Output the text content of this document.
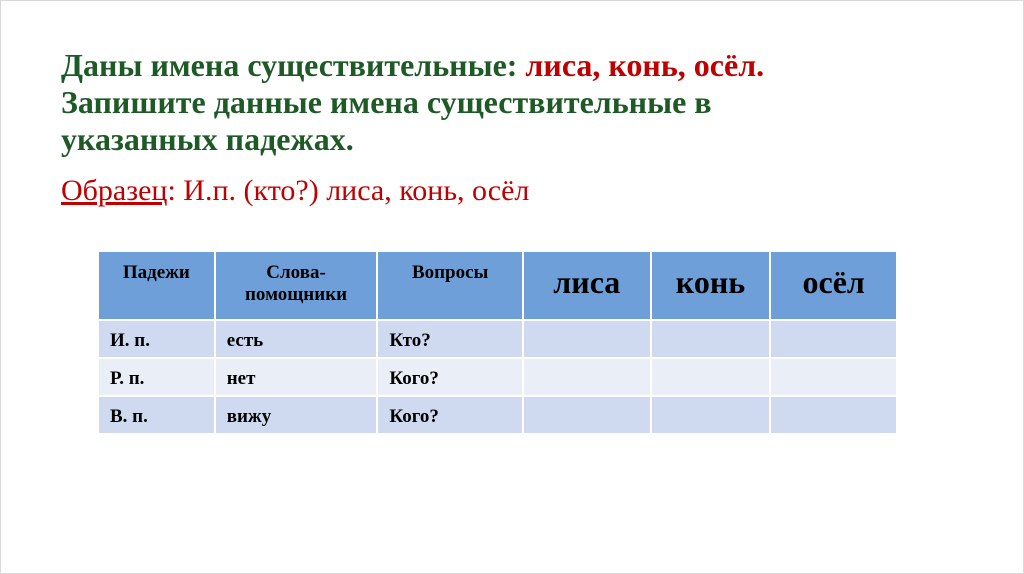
Даны имена существительные: лиса, конь, осёл.
Запишите данные имена существительные в
указанных падежах.
Образец: И.п. (кто?) лиса, конь, осёл
Падежи	Слова-помощники	Вопросы	лиса	конь	осёл
И. п.	есть	Кто?			
Р. п.	нет	Кого?			
В. п.	вижу	Кого?			
